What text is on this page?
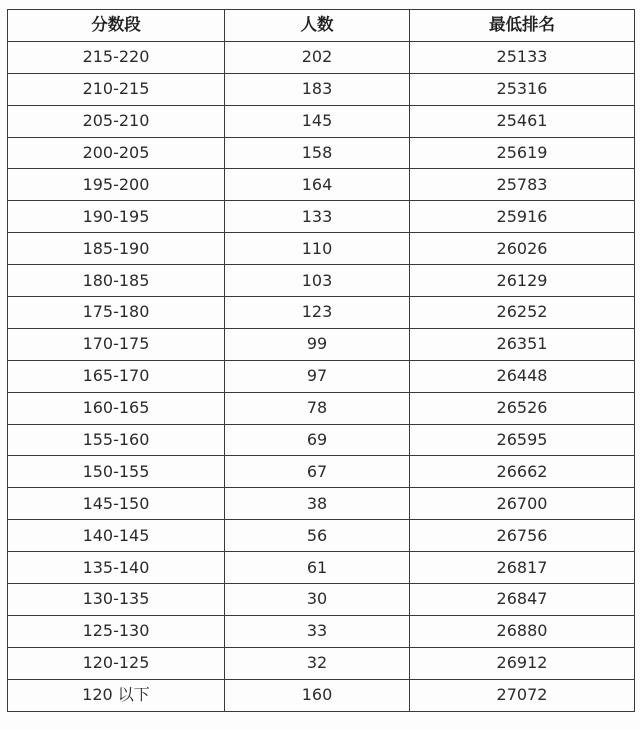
分数段	人数	最低排名
215-220	202	25133
210-215	183	25316
205-210	145	25461
200-205	158	25619
195-200	164	25783
190-195	133	25916
185-190	110	26026
180-185	103	26129
175-180	123	26252
170-175	99	26351
165-170	97	26448
160-165	78	26526
155-160	69	26595
150-155	67	26662
145-150	38	26700
140-145	56	26756
135-140	61	26817
130-135	30	26847
125-130	33	26880
120-125	32	26912
120 以下	160	27072
